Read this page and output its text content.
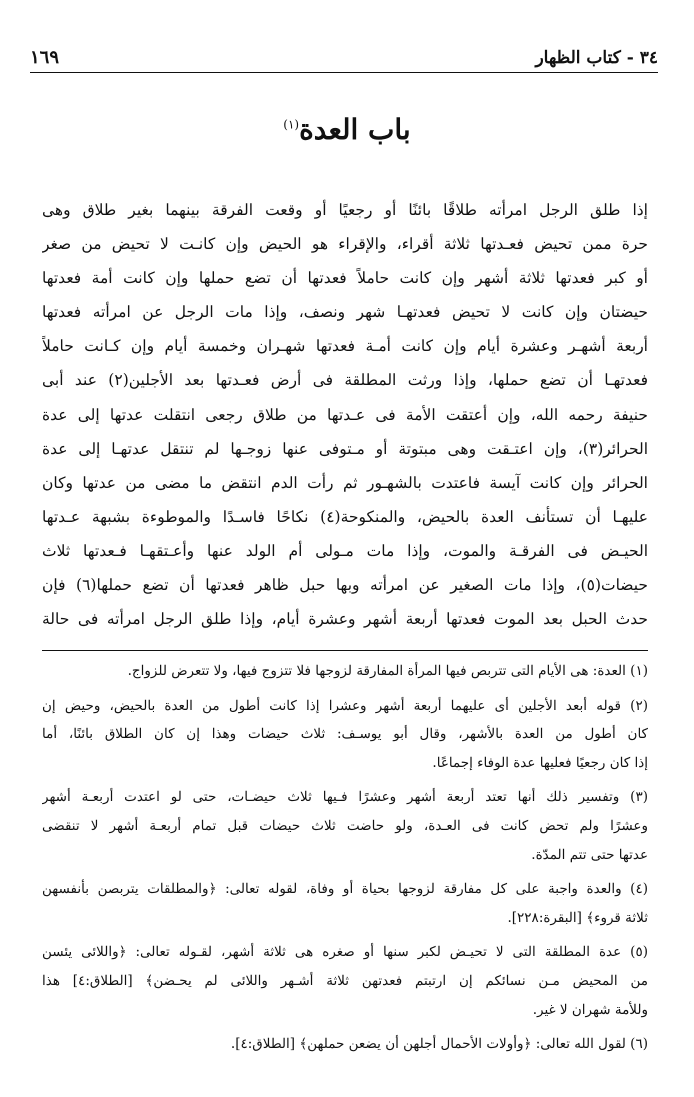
٣٤ - كتاب الظهار
١٦٩
باب العدة$^{(١)}$
إذا طلق الرجل امرأته طلاقًا بائنًا أو رجعيًا أو وقعت الفرقة بينهما بغير طلاق وهى
حرة ممن تحيض فعـدتها ثلاثة أقراء، والإقراء هو الحيض وإن كانـت لا تحيض من صغر
أو كبر فعدتها ثلاثة أشهر وإن كانت حاملاً فعدتها أن تضع حملها وإن كانت أمة فعدتها
حيضتان وإن كانت لا تحيض فعدتهـا شهر ونصف، وإذا مات الرجل عن امرأته فعدتها
أربعة أشهـر وعشرة أيام وإن كانت أمـة فعدتها شهـران وخمسة أيام وإن كـانت حاملاً
فعدتهـا أن تضع حملها، وإذا ورثت المطلقة فى أرض فعـدتها بعد الأجلين(٢) عند أبى
حنيفة رحمه الله، وإن أعتقت الأمة فى عـدتها من طلاق رجعى انتقلت عدتها إلى عدة
الحرائر(٣)، وإن اعتـقت وهى مبتوتة أو مـتوفى عنها زوجـها لم تنتقل عدتهـا إلى عدة
الحرائر وإن كانت آيسة فاعتدت بالشهـور ثم رأت الدم انتقض ما مضى من عدتها وكان
عليهـا أن تستأنف العدة بالحيض، والمنكوحة(٤) نكاحًا فاسـدًا والموطوءة بشبهة عـدتها
الحيـض فى الفرقـة والموت، وإذا مات مـولى أم الولد عنها وأعـتقهـا فـعدتها ثلاث
حيضات(٥)، وإذا مات الصغير عن امرأته وبها حبل ظاهر فعدتها أن تضع حملها(٦) فإن
حدث الحبل بعد الموت فعدتها أربعة أشهر وعشرة أيام، وإذا طلق الرجل امرأته فى حالة
(١) العدة: هى الأيام التى تتربص فيها المرأة المفارقة لزوجها فلا تتزوج فيها، ولا تتعرض للزواج.
(٢) قوله أبعد الأجلين أى عليهما أربعة أشهر وعشرا إذا كانت أطول من العدة بالحيض، وحيض إن
كان أطول من العدة بالأشهر، وقال أبو يوسـف: ثلاث حيضات وهذا إن كان الطلاق بائنًا، أما
إذا كان رجعيًا فعليها عدة الوفاء إجماعًا.
(٣) وتفسير ذلك أنها تعتد أربعة أشهر وعشرًا فـيها ثلاث حيضـات، حتى لو اعتدت أربعـة أشهر
وعشرًا ولم تحض كانت فى العـدة، ولو حاضت ثلاث حيضات قبل تمام أربعـة أشهر لا تنقضى
عدتها حتى تتم المدّة.
(٤) والعدة واجبة على كل مفارقة لزوجها بحياة أو وفاة، لقوله تعالى: ﴿والمطلقات يتربصن بأنفسهن
ثلاثة قروء﴾ [البقرة:٢٢٨].
(٥) عدة المطلقة التى لا تحيـض لكبر سنها أو صغره هى ثلاثة أشهر، لقـوله تعالى: ﴿واللائى يئسن
من المحيض مـن نسائكم إن ارتبتم فعدتهن ثلاثة أشـهر واللائى لم يحـضن﴾ [الطلاق:٤] هذا
وللأمة شهران لا غير.
(٦) لقول الله تعالى: ﴿وأولات الأحمال أجلهن أن يضعن حملهن﴾ [الطلاق:٤].
